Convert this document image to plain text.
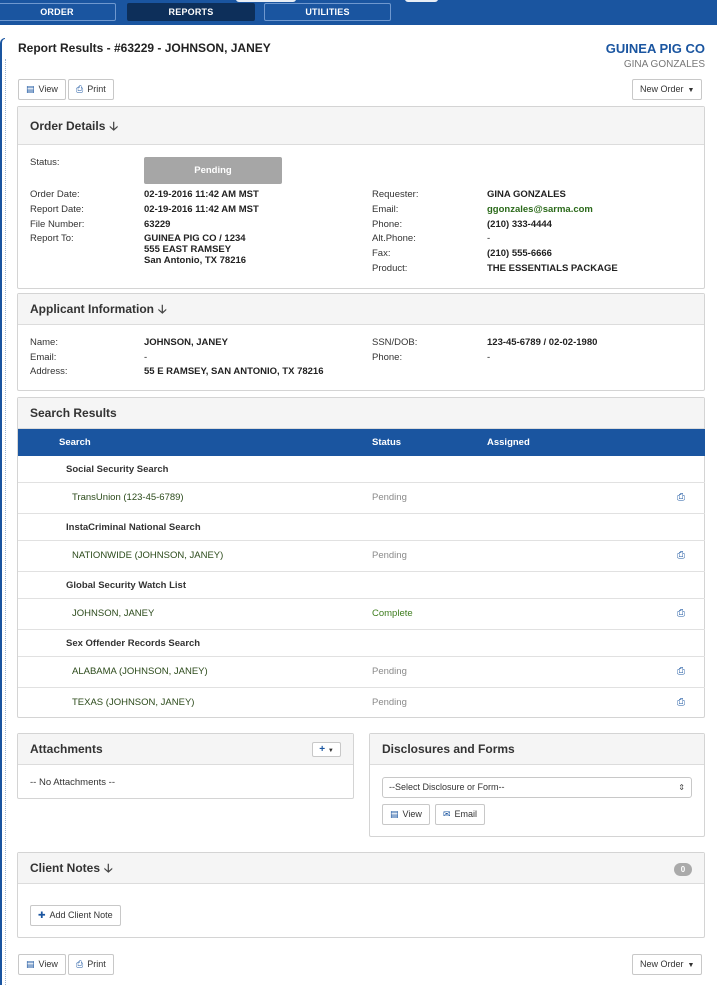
ORDER	REPORTS	UTILITIES
Report Results - #63229 - JOHNSON, JANEY	GUINEA PIG CO
GINA GONZALES
▤ View	⎙ Print	New Order ▼
Order Details 🡣
Status:
Pending
Order Date:	02-19-2016 11:42 AM MST
Report Date:	02-19-2016 11:42 AM MST
File Number:	63229
Report To:	GUINEA PIG CO / 1234
555 EAST RAMSEY
San Antonio, TX 78216
Requester:	GINA GONZALES
Email:	ggonzales@sarma.com
Phone:	(210) 333-4444
Alt.Phone:	-
Fax:	(210) 555-6666
Product:	THE ESSENTIALS PACKAGE
Applicant Information 🡣
Name:	JOHNSON, JANEY
Email:	-
Address:	55 E RAMSEY, SAN ANTONIO, TX 78216
SSN/DOB:	123-45-6789 / 02-02-1980
Phone:	-
Search Results
Search	Status	Assigned
Social Security Search
TransUnion (123-45-6789)	Pending	⎙
InstaCriminal National Search
NATIONWIDE (JOHNSON, JANEY)	Pending	⎙
Global Security Watch List
JOHNSON, JANEY	Complete	⎙
Sex Offender Records Search
ALABAMA (JOHNSON, JANEY)	Pending	⎙
TEXAS (JOHNSON, JANEY)	Pending	⎙
Attachments	+ ▼
-- No Attachments --
Disclosures and Forms
--Select Disclosure or Form--	⇕
▤ View	✉ Email
Client Notes 🡣	0
✚ Add Client Note
▤ View	⎙ Print	New Order ▼
